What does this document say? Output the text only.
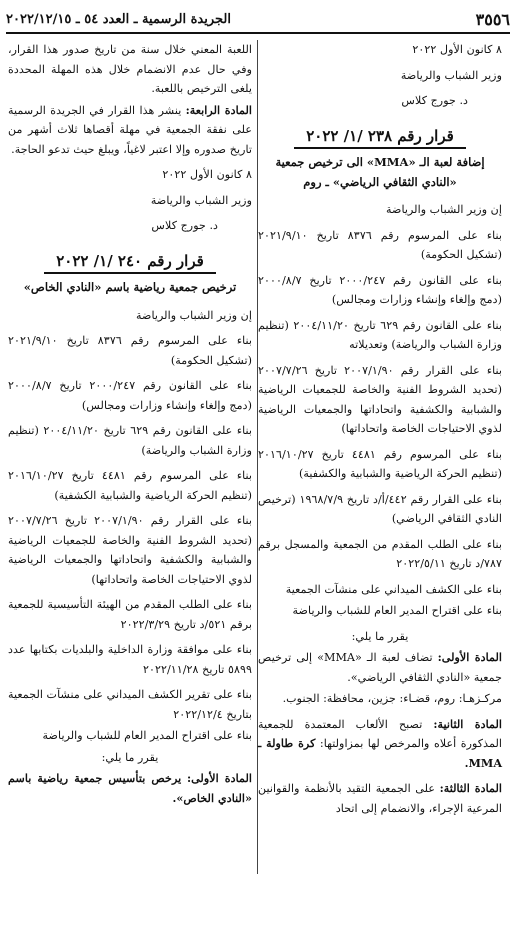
٣٥٥٦
الجريدة الرسمية ـ العدد ٥٤ ـ ٢٠٢٢/١٢/١٥

٨ كانون الأول ٢٠٢٢

وزير الشباب والرياضة

د. جورج كلاس

قرار رقم ٢٣٨ /١/ ٢٠٢٢
إضافة لعبة الـ «MMA» الى ترخيص جمعية «النادي الثقافي الرياضي» ـ روم

إن وزير الشباب والرياضة

بناء على المرسوم رقم ٨٣٧٦ تاريخ ٢٠٢١/٩/١٠ (تشكيل الحكومة)

بناء على القانون رقم ٢٠٠٠/٢٤٧ تاريخ ٢٠٠٠/٨/٧ (دمج وإلغاء وإنشاء وزارات ومجالس)

بناء على القانون رقم ٦٢٩ تاريخ ٢٠٠٤/١١/٢٠ (تنظيم وزارة الشباب والرياضة) وتعديلاته

بناء على القرار رقم ٢٠٠٧/١/٩٠ تاريخ ٢٠٠٧/٧/٢٦ (تحديد الشروط الفنية والخاصة للجمعيات الرياضية والشبابية والكشفية واتحاداتها والجمعيات الرياضية لذوي الاحتياجات الخاصة واتحاداتها)

بناء على المرسوم رقم ٤٤٨١ تاريخ ٢٠١٦/١٠/٢٧ (تنظيم الحركة الرياضية والشبابية والكشفية)

بناء على القرار رقم ٤٤٢/أ/د تاريخ ١٩٦٨/٧/٩ (ترخيص النادي الثقافي الرياضي)

بناء على الطلب المقدم من الجمعية والمسجل برقم ٧٨٧/د تاريخ ٢٠٢٢/٥/١١

بناء على الكشف الميداني على منشآت الجمعية

بناء على اقتراح المدير العام للشباب والرياضة

يقرر ما يلي:

المادة الأولى: تضاف لعبة الـ «MMA» إلى ترخيص جمعية «النادي الثقافي الرياضي».

مركـزهـا: روم، قضـاء: جزين، محافظة: الجنوب.

المادة الثانية: تصبح الألعاب المعتمدة للجمعية المذكورة أعلاه والمرخص لها بمزاولتها: كرة طاولة ـ MMA.

المادة الثالثة: على الجمعية التقيد بالأنظمة والقوانين المرعية الإجراء، والانضمام إلى اتحاد

اللعبة المعني خلال سنة من تاريخ صدور هذا القرار، وفي حال عدم الانضمام خلال هذه المهلة المحددة يلغى الترخيص باللعبة.

المادة الرابعة: ينشر هذا القرار في الجريدة الرسمية على نفقة الجمعية في مهلة أقصاها ثلاث أشهر من تاريخ صدوره وإلا اعتبر لاغياً، ويبلغ حيث تدعو الحاجة.

٨ كانون الأول ٢٠٢٢

وزير الشباب والرياضة

د. جورج كلاس

قرار رقم ٢٤٠ /١/ ٢٠٢٢
ترخيص جمعية رياضية باسم «النادي الخاص»

إن وزير الشباب والرياضة

بناء على المرسوم رقم ٨٣٧٦ تاريخ ٢٠٢١/٩/١٠ (تشكيل الحكومة)

بناء على القانون رقم ٢٠٠٠/٢٤٧ تاريخ ٢٠٠٠/٨/٧ (دمج وإلغاء وإنشاء وزارات ومجالس)

بناء على القانون رقم ٦٢٩ تاريخ ٢٠٠٤/١١/٢٠ (تنظيم وزارة الشباب والرياضة)

بناء على المرسوم رقم ٤٤٨١ تاريخ ٢٠١٦/١٠/٢٧ (تنظيم الحركة الرياضية والشبابية الكشفية)

بناء على القرار رقم ٢٠٠٧/١/٩٠ تاريخ ٢٠٠٧/٧/٢٦ (تحديد الشروط الفنية والخاصة للجمعيات الرياضية والشبابية والكشفية واتحاداتها والجمعيات الرياضية لذوي الاحتياجات الخاصة واتحاداتها)

بناء على الطلب المقدم من الهيئة التأسيسية للجمعية برقم ٥٢١/د تاريخ ٢٠٢٢/٣/٢٩

بناء على موافقة وزارة الداخلية والبلديات بكتابها عدد ٥٨٩٩ تاريخ ٢٠٢٢/١١/٢٨

بناء على تقرير الكشف الميداني على منشآت الجمعية بتاريخ ٢٠٢٢/١٢/٤

بناء على اقتراح المدير العام للشباب والرياضة

يقرر ما يلي:

المادة الأولى: يرخص بتأسيس جمعية رياضية باسم «النادي الخاص».
